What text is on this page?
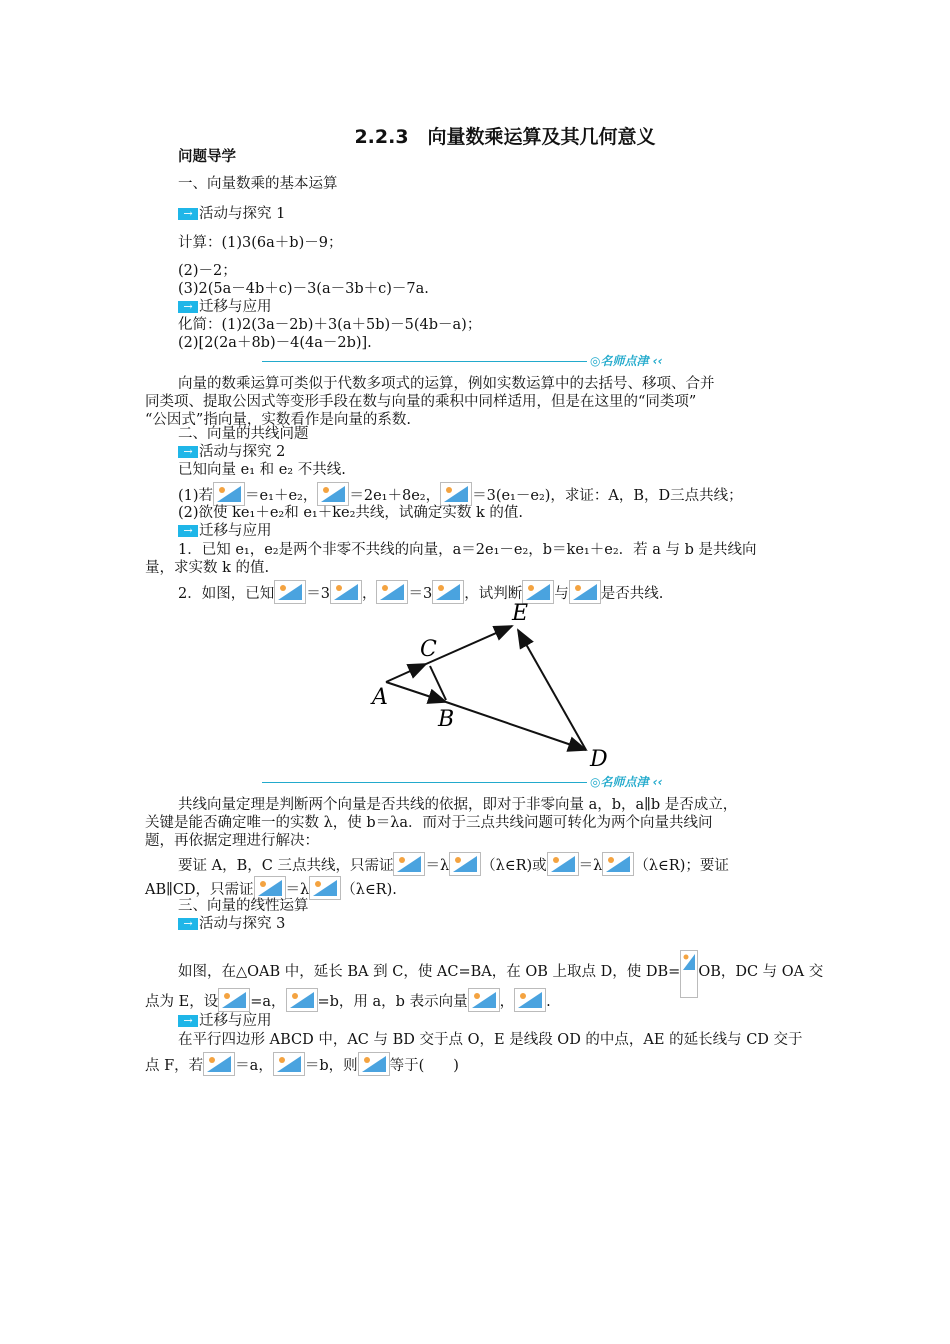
2.2.3　向量数乘运算及其几何意义
问题导学
一、向量数乘的基本运算
→ 活动与探究 1
计算：(1)3(6a＋b)－9；
(2)－2；
(3)2(5a－4b＋c)－3(a－3b＋c)－7a.
→ 迁移与应用
化简：(1)2(3a－2b)＋3(a＋5b)－5(4b－a)；
(2)[2(2a＋8b)－4(4a－2b)].
◎名师点津 ‹‹
向量的数乘运算可类似于代数多项式的运算，例如实数运算中的去括号、移项、合并
同类项、提取公因式等变形手段在数与向量的乘积中同样适用，但是在这里的“同类项”
“公因式”指向量，实数看作是向量的系数.
二、向量的共线问题
→ 活动与探究 2
已知向量 e₁ 和 e₂ 不共线.
(1)若 ＝e₁＋e₂， ＝2e₁＋8e₂， ＝3(e₁－e₂)，求证：A，B，D三点共线；
(2)欲使 ke₁＋e₂和 e₁＋ke₂共线，试确定实数 k 的值.
→ 迁移与应用
1．已知 e₁，e₂是两个非零不共线的向量，a＝2e₁－e₂，b＝ke₁＋e₂．若 a 与 b 是共线向
量，求实数 k 的值.
2．如图，已知 ＝3 ， ＝3 ，试判断 与 是否共线.
A
B
C
D
E
◎名师点津 ‹‹
共线向量定理是判断两个向量是否共线的依据，即对于非零向量 a，b，a∥b 是否成立，
关键是能否确定唯一的实数 λ，使 b＝λa．而对于三点共线问题可转化为两个向量共线问
题，再依据定理进行解决：
要证 A，B，C 三点共线，只需证 ＝λ （λ∈R)或 ＝λ （λ∈R)；要证
AB∥CD，只需证 ＝λ （λ∈R).
三、向量的线性运算
→ 活动与探究 3
如图，在△OAB 中，延长 BA 到 C，使 AC=BA，在 OB 上取点 D，使 DB= OB，DC 与 OA 交
点为 E，设 =a， =b，用 a，b 表示向量 ， .
→ 迁移与应用
在平行四边形 ABCD 中，AC 与 BD 交于点 O，E 是线段 OD 的中点，AE 的延长线与 CD 交于
点 F，若 ＝a， ＝b，则 等于(　　)
